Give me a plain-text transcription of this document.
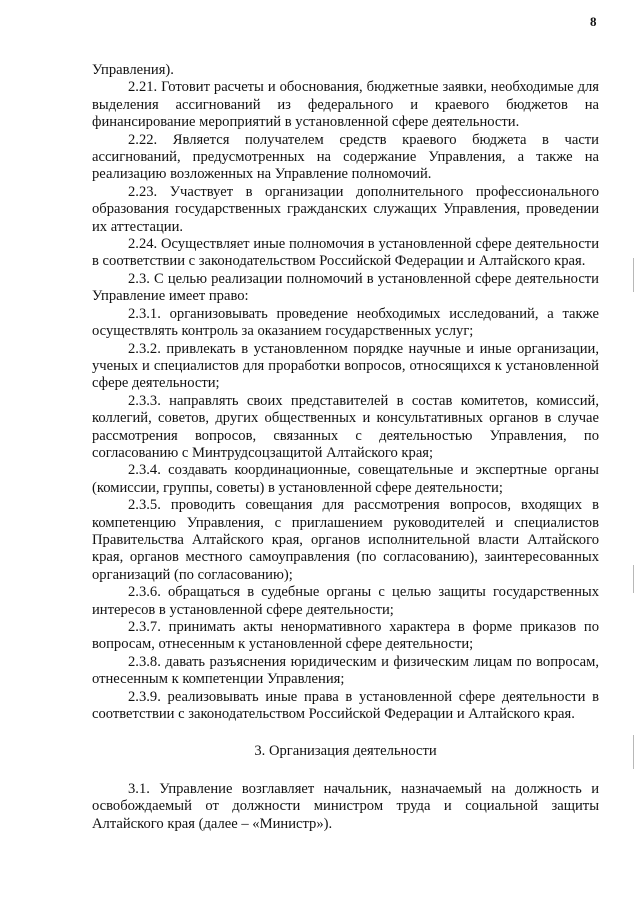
8

Управления).

2.21. Готовит расчеты и обоснования, бюджетные заявки, необходимые для выделения ассигнований из федерального и краевого бюджетов на финансирование мероприятий в установленной сфере деятельности.

2.22. Является получателем средств краевого бюджета в части ассигнований, предусмотренных на содержание Управления, а также на реализацию возложенных на Управление полномочий.

2.23. Участвует в организации дополнительного профессионального образования государственных гражданских служащих Управления, проведении их аттестации.

2.24. Осуществляет иные полномочия в установленной сфере деятельности в соответствии с законодательством Российской Федерации и Алтайского края.

2.3. С целью реализации полномочий в установленной сфере деятельности Управление имеет право:

2.3.1. организовывать проведение необходимых исследований, а также осуществлять контроль за оказанием государственных услуг;

2.3.2. привлекать в установленном порядке научные и иные организации, ученых и специалистов для проработки вопросов, относящихся к установленной сфере деятельности;

2.3.3. направлять своих представителей в состав комитетов, комиссий, коллегий, советов, других общественных и консультативных органов в случае рассмотрения вопросов, связанных с деятельностью Управления, по согласованию с Минтрудсоцзащитой Алтайского края;

2.3.4. создавать координационные, совещательные и экспертные органы (комиссии, группы, советы) в установленной сфере деятельности;

2.3.5. проводить совещания для рассмотрения вопросов, входящих в компетенцию Управления, с приглашением руководителей и специалистов Правительства Алтайского края, органов исполнительной власти Алтайского края, органов местного самоуправления (по согласованию), заинтересованных организаций (по согласованию);

2.3.6. обращаться в судебные органы с целью защиты государственных интересов в установленной сфере деятельности;

2.3.7. принимать акты ненормативного характера в форме приказов по вопросам, отнесенным к установленной сфере деятельности;

2.3.8. давать разъяснения юридическим и физическим лицам по вопросам, отнесенным к компетенции Управления;

2.3.9. реализовывать иные права в установленной сфере деятельности в соответствии с законодательством Российской Федерации и Алтайского края.

3. Организация деятельности

3.1. Управление возглавляет начальник, назначаемый на должность и освобождаемый от должности министром труда и социальной защиты Алтайского края (далее – «Министр»).
